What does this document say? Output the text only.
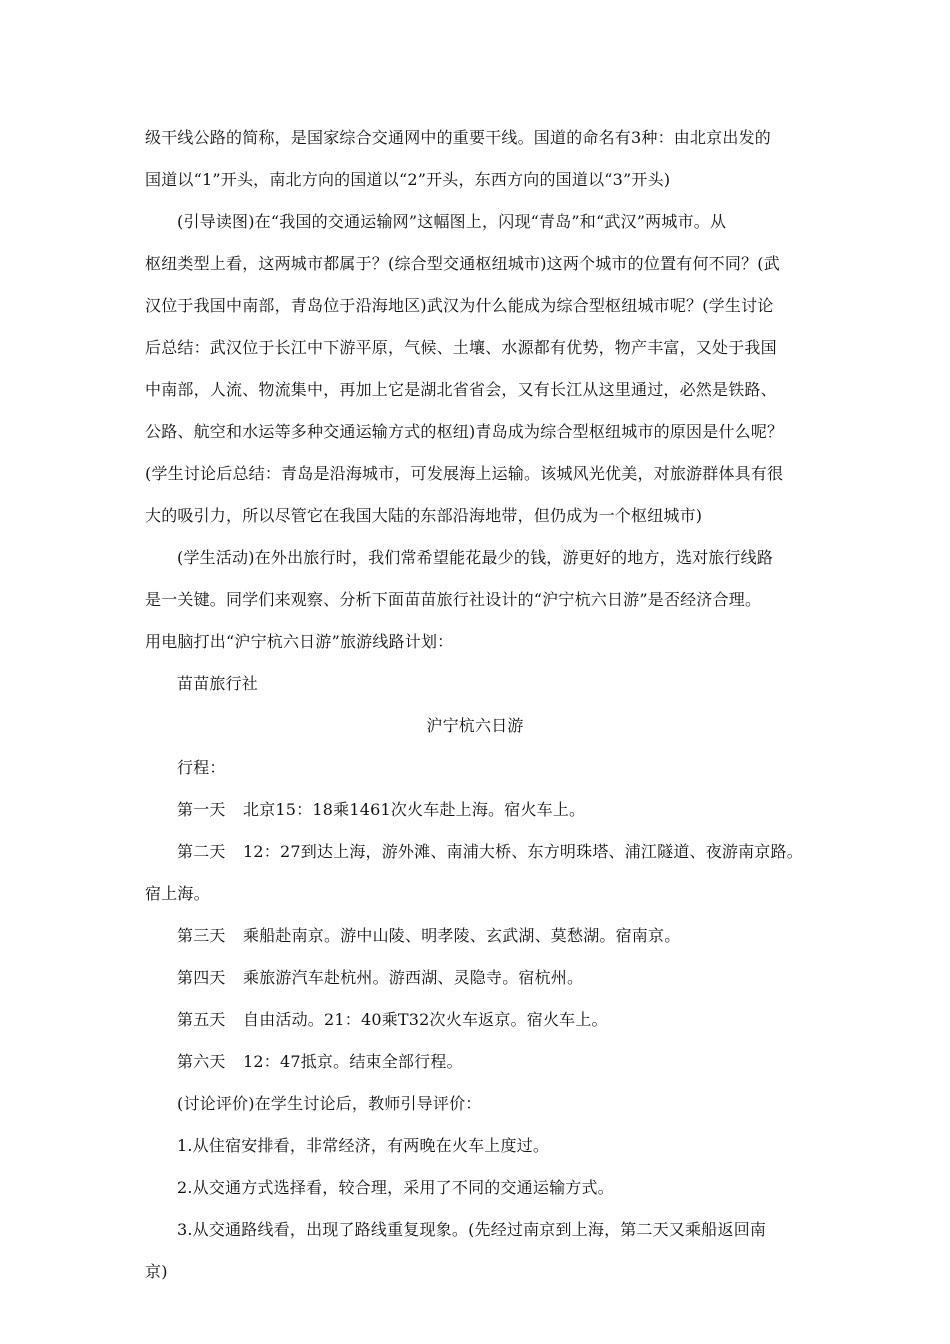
级干线公路的简称，是国家综合交通网中的重要干线。国道的命名有3种：由北京出发的
国道以“1”开头，南北方向的国道以“2”开头，东西方向的国道以“3”开头)
(引导读图)在“我国的交通运输网”这幅图上，闪现“青岛”和“武汉”两城市。从
枢纽类型上看，这两城市都属于？(综合型交通枢纽城市)这两个城市的位置有何不同？(武
汉位于我国中南部，青岛位于沿海地区)武汉为什么能成为综合型枢纽城市呢？(学生讨论
后总结：武汉位于长江中下游平原，气候、土壤、水源都有优势，物产丰富，又处于我国
中南部，人流、物流集中，再加上它是湖北省省会，又有长江从这里通过，必然是铁路、
公路、航空和水运等多种交通运输方式的枢纽)青岛成为综合型枢纽城市的原因是什么呢？
(学生讨论后总结：青岛是沿海城市，可发展海上运输。该城风光优美，对旅游群体具有很
大的吸引力，所以尽管它在我国大陆的东部沿海地带，但仍成为一个枢纽城市)
(学生活动)在外出旅行时，我们常希望能花最少的钱，游更好的地方，选对旅行线路
是一关键。同学们来观察、分析下面苗苗旅行社设计的“沪宁杭六日游”是否经济合理。
用电脑打出“沪宁杭六日游”旅游线路计划：
苗苗旅行社
沪宁杭六日游
行程：
第一天 北京15：18乘1461次火车赴上海。宿火车上。
第二天 12：27到达上海，游外滩、南浦大桥、东方明珠塔、浦江隧道、夜游南京路。
宿上海。
第三天 乘船赴南京。游中山陵、明孝陵、玄武湖、莫愁湖。宿南京。
第四天 乘旅游汽车赴杭州。游西湖、灵隐寺。宿杭州。
第五天 自由活动。21：40乘T32次火车返京。宿火车上。
第六天 12：47抵京。结束全部行程。
(讨论评价)在学生讨论后，教师引导评价：
1.从住宿安排看，非常经济，有两晚在火车上度过。
2.从交通方式选择看，较合理，采用了不同的交通运输方式。
3.从交通路线看，出现了路线重复现象。(先经过南京到上海，第二天又乘船返回南
京)
